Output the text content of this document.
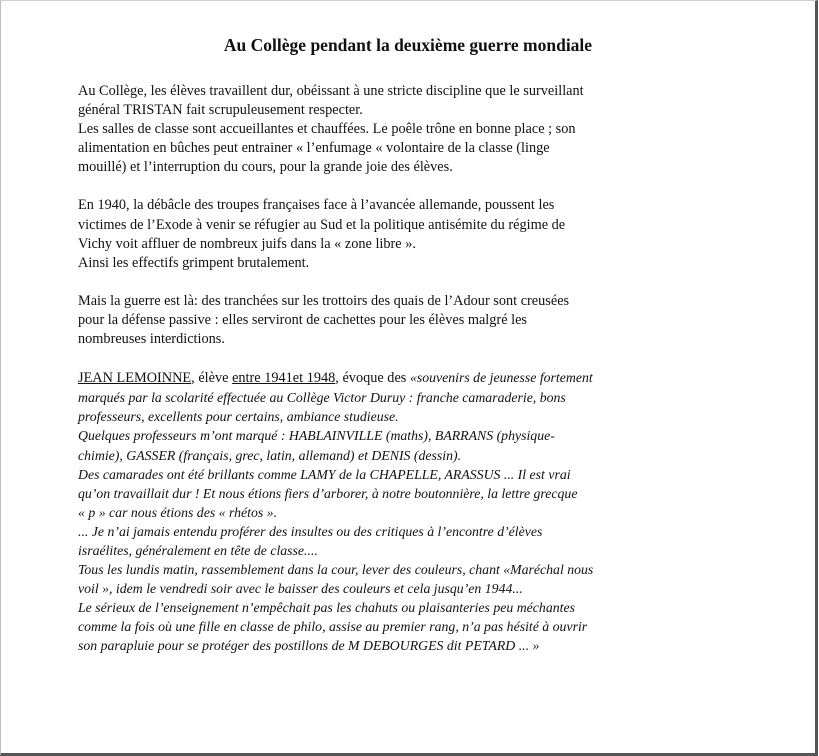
Au Collège pendant la deuxième guerre mondiale
Au Collège, les élèves travaillent dur, obéissant à une stricte discipline que le surveillant
général TRISTAN fait scrupuleusement respecter.
Les salles de classe sont accueillantes et chauffées. Le poêle trône en bonne place ; son
alimentation en bûches peut entrainer « l’enfumage « volontaire de la classe (linge
mouillé) et l’interruption du cours, pour la grande joie des élèves.
En 1940, la débâcle des troupes françaises face à l’avancée allemande, poussent les
victimes de l’Exode à venir se réfugier au Sud et la politique antisémite du régime de
Vichy voit affluer de nombreux juifs dans la « zone libre ».
Ainsi les effectifs grimpent brutalement.
Mais la guerre est là: des tranchées sur les trottoirs des quais de l’Adour sont creusées
pour la défense passive : elles serviront de cachettes pour les élèves malgré les
nombreuses interdictions.
JEAN LEMOINNE, élève entre 1941et 1948, évoque des «souvenirs de jeunesse fortement
marqués par la scolarité effectuée au Collège Victor Duruy : franche camaraderie, bons
professeurs, excellents pour certains, ambiance studieuse.
Quelques professeurs m’ont marqué : HABLAINVILLE (maths), BARRANS (physique-
chimie), GASSER (français, grec, latin, allemand) et DENIS (dessin).
Des camarades ont été brillants comme LAMY de la CHAPELLE, ARASSUS ... Il est vrai
qu’on travaillait dur ! Et nous étions fiers d’arborer, à notre boutonnière, la lettre grecque
« p » car nous étions des « rhétos ».
... Je n’ai jamais entendu proférer des insultes ou des critiques à l’encontre d’élèves
israélites, généralement en tête de classe....
Tous les lundis matin, rassemblement dans la cour, lever des couleurs, chant «Maréchal nous
voil », idem le vendredi soir avec le baisser des couleurs et cela jusqu’en 1944...
Le sérieux de l’enseignement n’empêchait pas les chahuts ou plaisanteries peu méchantes
comme la fois où une fille en classe de philo, assise au premier rang, n’a pas hésité à ouvrir
son parapluie pour se protéger des postillons de M DEBOURGES dit PETARD ... »
